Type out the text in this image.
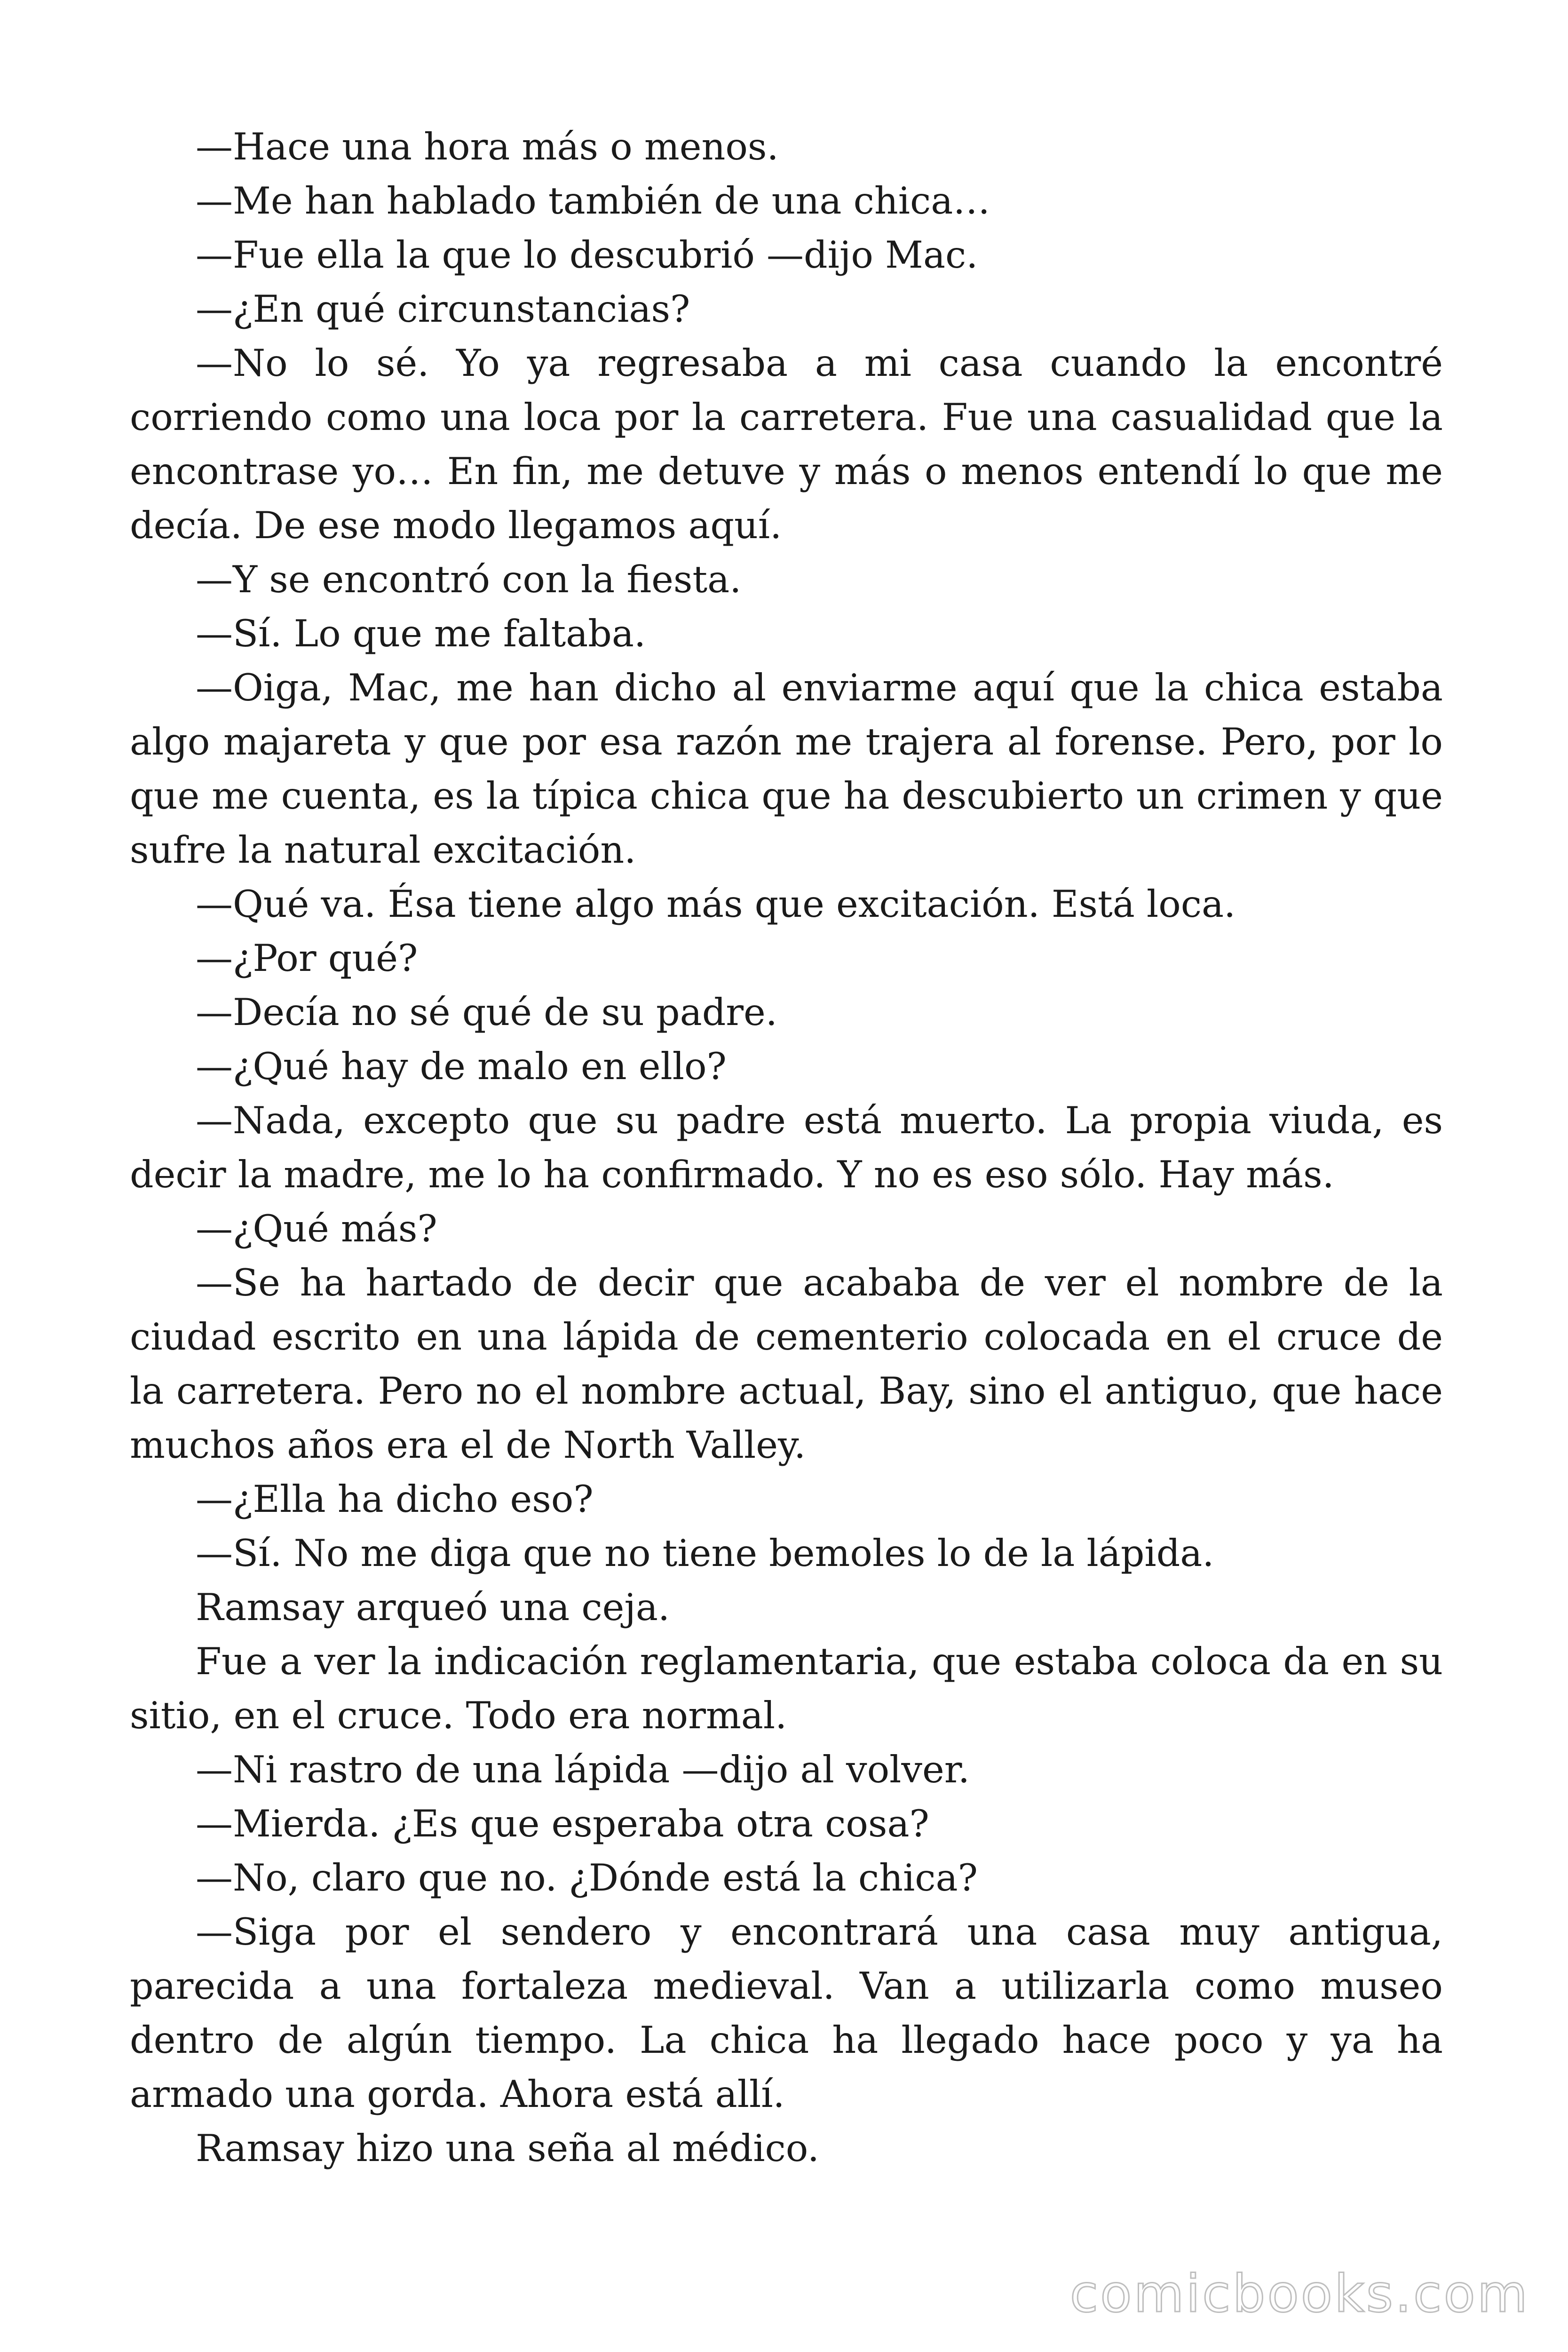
—Hace una hora más o menos.

—Me han hablado también de una chica…

—Fue ella la que lo descubrió —dijo Mac.

—¿En qué circunstancias?

—No lo sé. Yo ya regresaba a mi casa cuando la encontré corriendo como una loca por la carretera. Fue una casualidad que la encontrase yo… En fin, me detuve y más o menos entendí lo que me decía. De ese modo llegamos aquí.

—Y se encontró con la fiesta.

—Sí. Lo que me faltaba.

—Oiga, Mac, me han dicho al enviarme aquí que la chica estaba algo majareta y que por esa razón me trajera al forense. Pero, por lo que me cuenta, es la típica chica que ha descubierto un crimen y que sufre la natural excitación.

—Qué va. Ésa tiene algo más que excitación. Está loca.

—¿Por qué?

—Decía no sé qué de su padre.

—¿Qué hay de malo en ello?

—Nada, excepto que su padre está muerto. La propia viuda, es decir la madre, me lo ha confirmado. Y no es eso sólo. Hay más.

—¿Qué más?

—Se ha hartado de decir que acababa de ver el nombre de la ciudad escrito en una lápida de cementerio colocada en el cruce de la carretera. Pero no el nombre actual, Bay, sino el antiguo, que hace muchos años era el de North Valley.

—¿Ella ha dicho eso?

—Sí. No me diga que no tiene bemoles lo de la lápida.

Ramsay arqueó una ceja.

Fue a ver la indicación reglamentaria, que estaba coloca da en su sitio, en el cruce. Todo era normal.

—Ni rastro de una lápida —dijo al volver.

—Mierda. ¿Es que esperaba otra cosa?

—No, claro que no. ¿Dónde está la chica?

—Siga por el sendero y encontrará una casa muy antigua, parecida a una fortaleza medieval. Van a utilizarla como museo dentro de algún tiempo. La chica ha llegado hace poco y ya ha armado una gorda. Ahora está allí.

Ramsay hizo una seña al médico.

comicbooks.com
